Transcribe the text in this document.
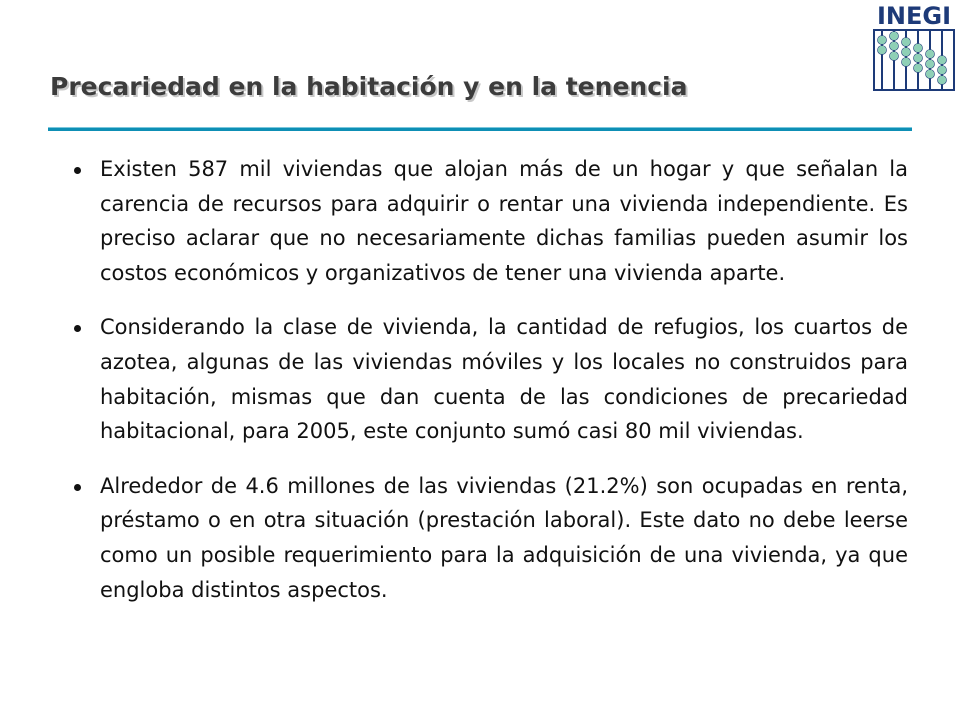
INEGI
Precariedad en la habitación y en la tenencia
Existen 587 mil viviendas que alojan más de un hogar y que señalan la carencia de recursos para adquirir o rentar una vivienda independiente. Es preciso aclarar que no necesariamente dichas familias pueden asumir los costos económicos y organizativos de tener una vivienda aparte.
Considerando la clase de vivienda, la cantidad de refugios, los cuartos de azotea, algunas de las viviendas móviles y los locales no construidos para habitación, mismas que dan cuenta de las condiciones de precariedad habitacional, para 2005, este conjunto sumó casi 80 mil viviendas.
Alrededor de 4.6 millones de las viviendas (21.2%) son ocupadas en renta, préstamo o en otra situación (prestación laboral). Este dato no debe leerse como un posible requerimiento para la adquisición de una vivienda, ya que engloba distintos aspectos.
